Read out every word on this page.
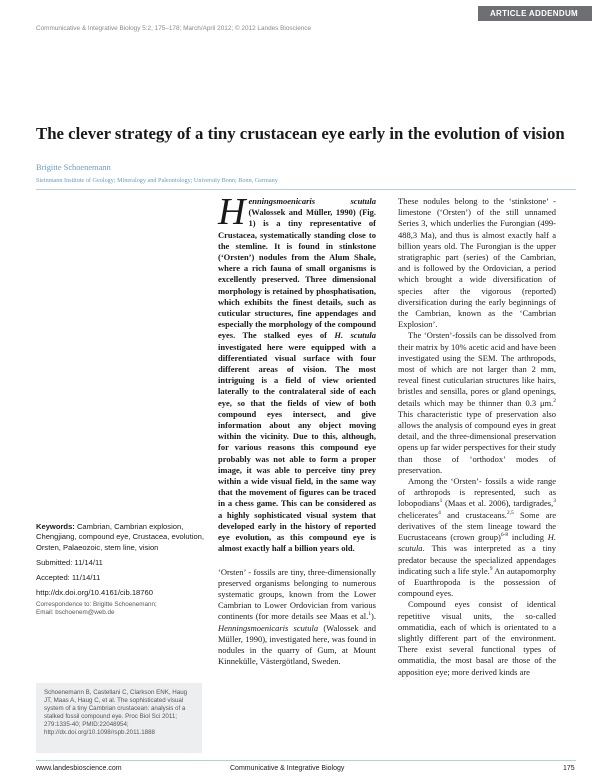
ARTICLE ADDENDUM
Communicative & Integrative Biology 5:2, 175–178; March/April 2012; © 2012 Landes Bioscience
The clever strategy of a tiny crustacean eye early in the evolution of vision
Brigitte Schoenemann
Steinmann Institute of Geology; Mineralogy and Paleontology; University Bonn; Bonn, Germany

Henningsmoenicaris scutula (Walossek and Müller, 1990) (Fig. 1) is a tiny representative of Crustacea, systematically standing close to the stemline. It is found in stinkstone (‘Orsten’) nodules from the Alum Shale, where a rich fauna of small organisms is excellently preserved. Three dimensional morphology is retained by phosphatisation, which exhibits the finest details, such as cuticular structures, fine appendages and especially the morphology of the compound eyes. The stalked eyes of H. scutula investigated here were equipped with a differentiated visual surface with four different areas of vision. The most intriguing is a field of view oriented laterally to the contralateral side of each eye, so that the fields of view of both compound eyes intersect, and give information about any object moving within the vicinity. Due to this, although, for various reasons this compound eye probably was not able to form a proper image, it was able to perceive tiny prey within a wide visual field, in the same way that the movement of figures can be traced in a chess game. This can be considered as a highly sophisticated visual system that developed early in the history of reported eye evolution, as this compound eye is almost exactly half a billion years old.

‘Orsten’ - fossils are tiny, three-dimensionally preserved organisms belonging to numerous systematic groups, known from the Lower Cambrian to Lower Ordovician from various continents (for more details see Maas et al.$^1$). Henningsmoenicaris scutula (Walossek and Müller, 1990), investigated here, was found in nodules in the quarry of Gum, at Mount Kinnekülle, Västergötland, Sweden.

These nodules belong to the ‘stinkstone’ -limestone (‘Orsten’) of the still unnamed Series 3, which underlies the Furongian (499-488,3 Ma), and thus is almost exactly half a billion years old. The Furongian is the upper stratigraphic part (series) of the Cambrian, and is followed by the Ordovician, a period which brought a wide diversification of species after the vigorous (reported) diversification during the early beginnings of the Cambrian, known as the ‘Cambrian Explosion’.

The ‘Orsten’-fossils can be dissolved from their matrix by 10% acetic acid and have been investigated using the SEM. The arthropods, most of which are not larger than 2 mm, reveal finest cuticularian structures like hairs, bristles and sensilla, pores or gland openings, details which may be thinner than 0.3 μm.$^2$ This characteristic type of preservation also allows the analysis of compound eyes in great detail, and the three-dimensional preservation opens up far wider perspectives for their study than those of ‘orthodox’ modes of preservation.

Among the ‘Orsten’- fossils a wide range of arthropods is represented, such as lobopodians$^1$ (Maas et al. 2006), tardigrades,$^3$ chelicerates$^4$ and crustaceans.$^{2,5}$ Some are derivatives of the stem lineage toward the Eucrustaceans (crown group)$^{6-8}$ including H. scutula. This was interpreted as a tiny predator because the specialized appendages indicating such a life style.$^9$ An autapomorphy of Euarthropoda is the possession of compound eyes.

Compound eyes consist of identical repetitive visual units, the so-called ommatidia, each of which is orientated to a slightly different part of the environment. There exist several functional types of ommatidia, the most basal are those of the apposition eye; more derived kinds are

Keywords: Cambrian, Cambrian explosion, Chengjiang, compound eye, Crustacea, evolution, Orsten, Palaeozoic, stem line, vision

Submitted: 11/14/11

Accepted: 11/14/11

http://dx.doi.org/10.4161/cib.18760

Correspondence to: Brigitte Schoenemann;
Email: bschoenem@web.de
Schoenemann B, Castellani C, Clarkson ENK, Haug JT, Maas A, Haug C, et al. The sophisticated visual system of a tiny Cambrian crustacean: analysis of a stalked fossil compound eye. Proc Biol Sci 2011; 279:1335-40; PMID:22048954; http://dx.doi.org/10.1098/rspb.2011.1888
www.landesbioscience.com	Communicative & Integrative Biology	175
